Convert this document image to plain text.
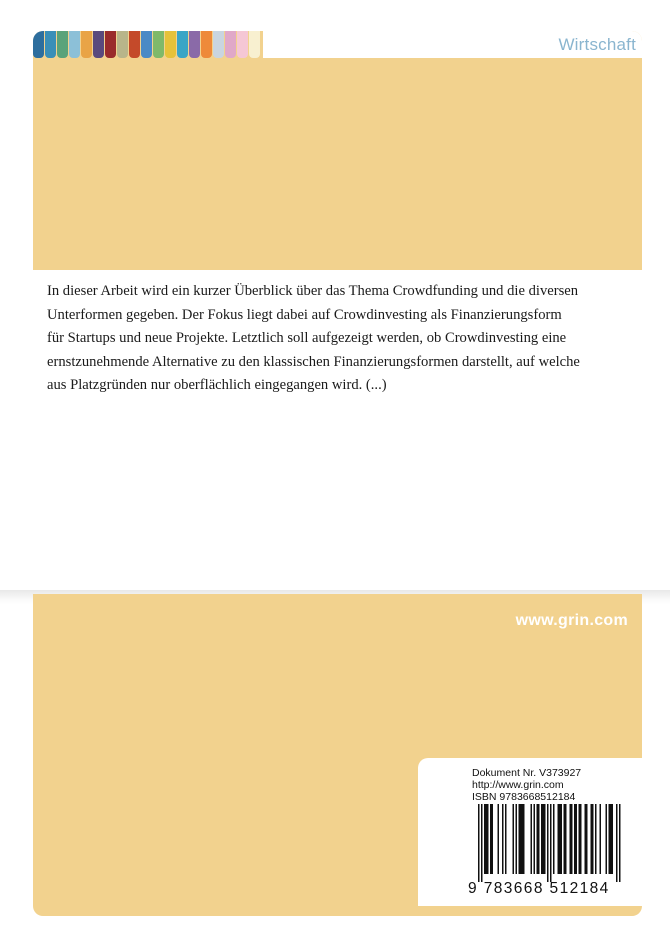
Wirtschaft
In dieser Arbeit wird ein kurzer Überblick über das Thema Crowdfunding und die diversen
Unterformen gegeben. Der Fokus liegt dabei auf Crowdinvesting als Finanzierungsform
für Startups und neue Projekte. Letztlich soll aufgezeigt werden, ob Crowdinvesting eine
ernstzunehmende Alternative zu den klassischen Finanzierungsformen darstellt, auf welche
aus Platzgründen nur oberflächlich eingegangen wird. (...)
www.grin.com
Dokument Nr. V373927
http://www.grin.com
ISBN 9783668512184
9 783668 512184
